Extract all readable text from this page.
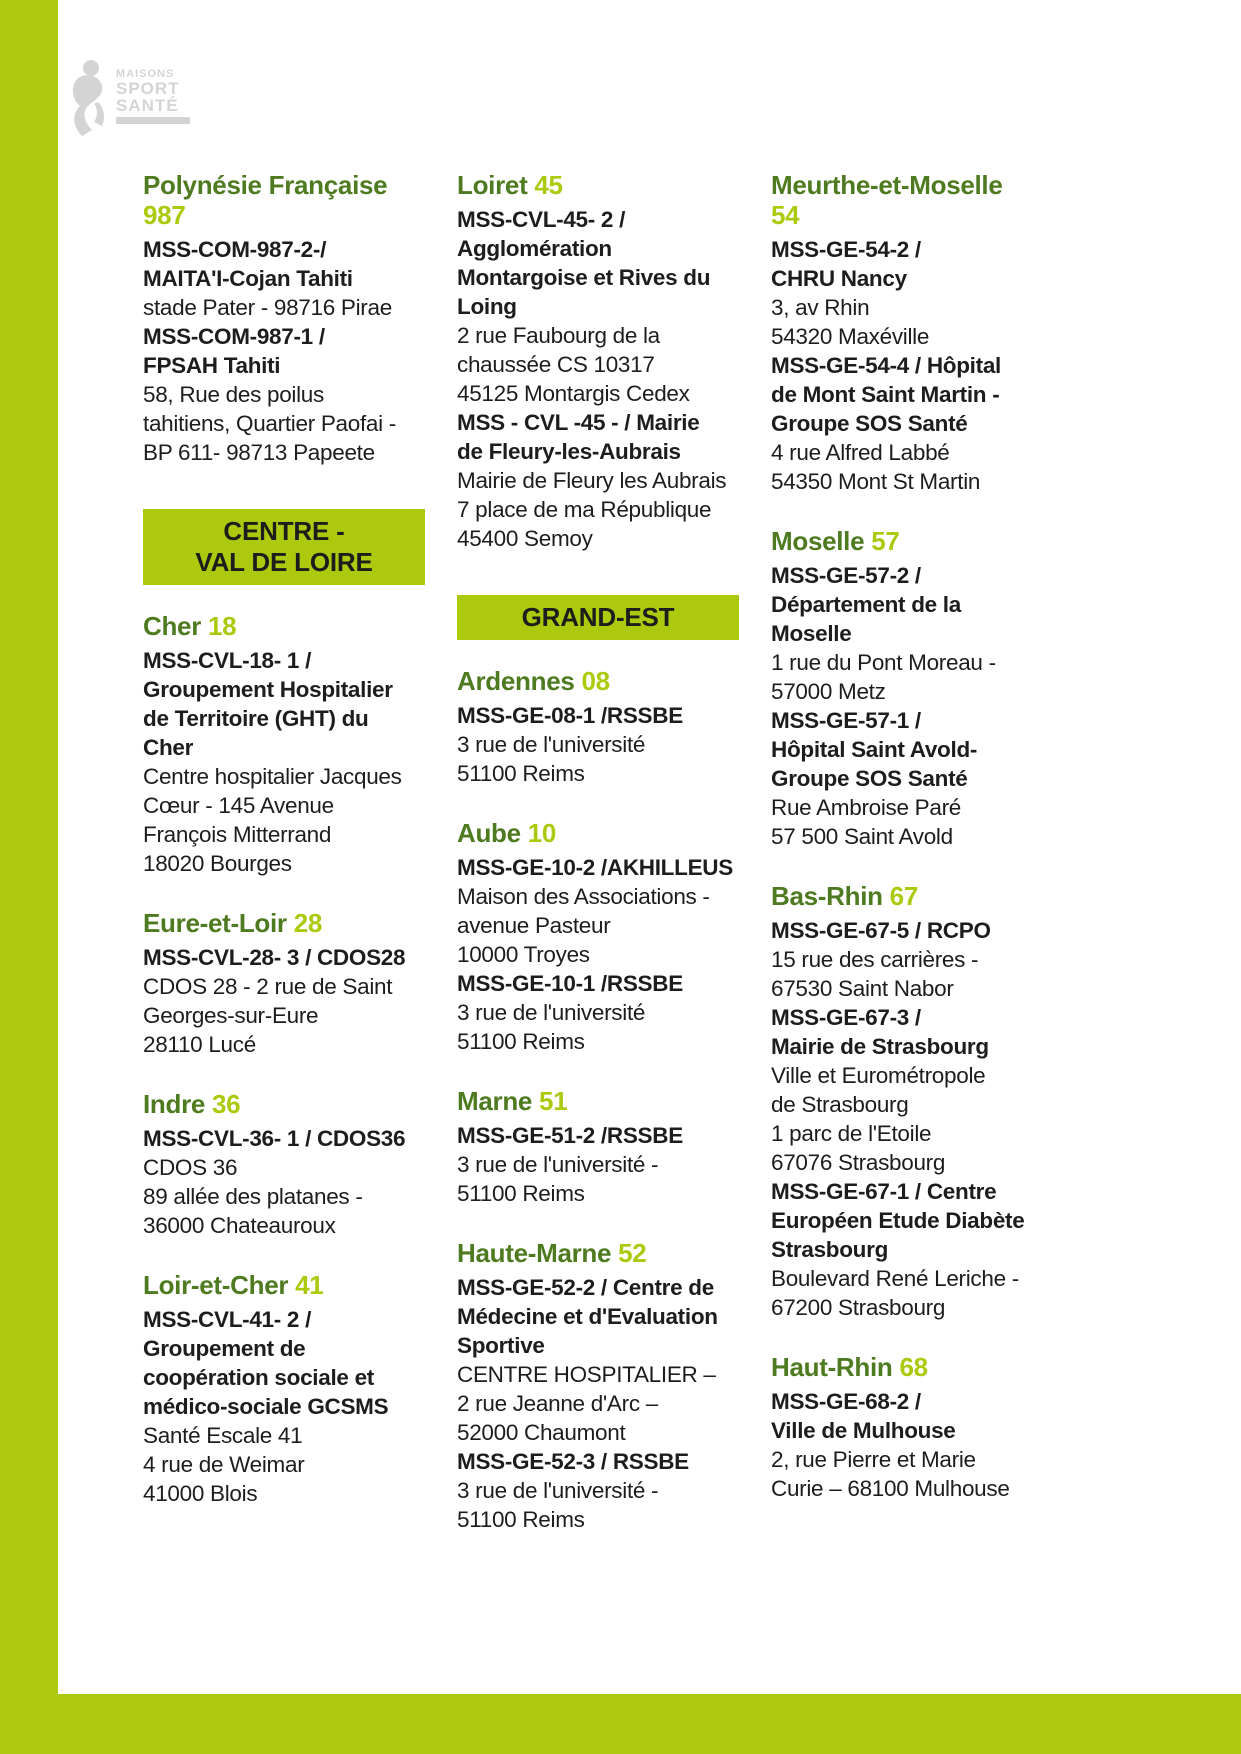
MAISONS
SPORT
SANTÉ
Polynésie Française
987
MSS-COM-987-2-/
MAITA'I-Cojan Tahiti
stade Pater - 98716 Pirae
MSS-COM-987-1 /
FPSAH Tahiti
58, Rue des poilus
tahitiens, Quartier Paofai -
BP 611- 98713 Papeete
CENTRE -
VAL DE LOIRE
Cher 18
MSS-CVL-18- 1 /
Groupement Hospitalier
de Territoire (GHT) du
Cher
Centre hospitalier Jacques
Cœur - 145 Avenue
François Mitterrand
18020 Bourges
Eure-et-Loir 28
MSS-CVL-28- 3 / CDOS28
CDOS 28 - 2 rue de Saint
Georges-sur-Eure
28110 Lucé
Indre 36
MSS-CVL-36- 1 / CDOS36
CDOS 36
89 allée des platanes -
36000 Chateauroux
Loir-et-Cher 41
MSS-CVL-41- 2 /
Groupement de
coopération sociale et
médico-sociale GCSMS
Santé Escale 41
4 rue de Weimar
41000 Blois
Loiret 45
MSS-CVL-45- 2 /
Agglomération
Montargoise et Rives du
Loing
2 rue Faubourg de la
chaussée CS 10317
45125 Montargis Cedex
MSS - CVL -45 - / Mairie
de Fleury-les-Aubrais
Mairie de Fleury les Aubrais
7 place de ma République
45400 Semoy
GRAND-EST
Ardennes 08
MSS-GE-08-1 /RSSBE
3 rue de l'université
51100 Reims
Aube 10
MSS-GE-10-2 /AKHILLEUS
Maison des Associations -
avenue Pasteur
10000 Troyes
MSS-GE-10-1 /RSSBE
3 rue de l'université
51100 Reims
Marne 51
MSS-GE-51-2 /RSSBE
3 rue de l'université -
51100 Reims
Haute-Marne 52
MSS-GE-52-2 / Centre de
Médecine et d'Evaluation
Sportive
CENTRE HOSPITALIER –
2 rue Jeanne d'Arc –
52000 Chaumont
MSS-GE-52-3 / RSSBE
3 rue de l'université -
51100 Reims
Meurthe-et-Moselle
54
MSS-GE-54-2 /
CHRU Nancy
3, av Rhin
54320 Maxéville
MSS-GE-54-4 / Hôpital
de Mont Saint Martin -
Groupe SOS Santé
4 rue Alfred Labbé
54350 Mont St Martin
Moselle 57
MSS-GE-57-2 /
Département de la
Moselle
1 rue du Pont Moreau -
57000 Metz
MSS-GE-57-1 /
Hôpital Saint Avold-
Groupe SOS Santé
Rue Ambroise Paré
57 500 Saint Avold
Bas-Rhin 67
MSS-GE-67-5 / RCPO
15 rue des carrières -
67530 Saint Nabor
MSS-GE-67-3 /
Mairie de Strasbourg
Ville et Eurométropole
de Strasbourg
1 parc de l'Etoile
67076 Strasbourg
MSS-GE-67-1 / Centre
Européen Etude Diabète
Strasbourg
Boulevard René Leriche -
67200 Strasbourg
Haut-Rhin 68
MSS-GE-68-2 /
Ville de Mulhouse
2, rue Pierre et Marie
Curie – 68100 Mulhouse
